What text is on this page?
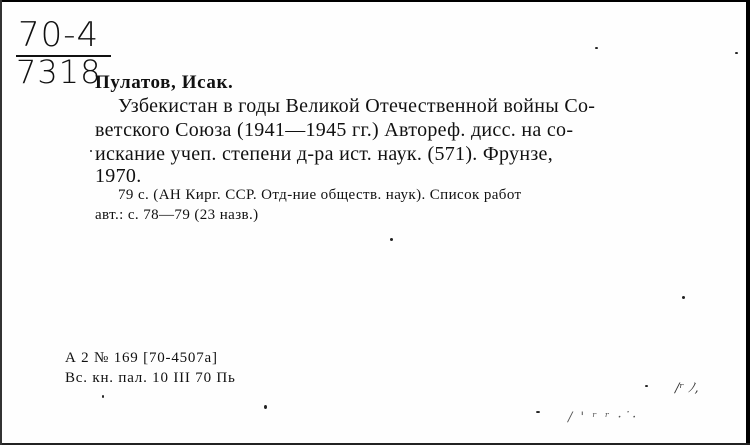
70-4
7318
Пулатов, Исак.
Узбекистан в годы Великой Отечественной войны Со-
ветского Союза (1941—1945 гг.) Автореф. дисс. на со-
искание учеп. степени д-ра ист. наук. (571). Фрунзе,
1970.
79 с. (АН Кирг. ССР. Отд-ние обществ. наук). Список работ
авт.: с. 78—79 (23 назв.)
А 2 № 169 [70-4507а]
Вс. кн. пал. 10 III 70 Пь
/ʳ ﾉ,
/ ' ʳ ʳ ·˙·
